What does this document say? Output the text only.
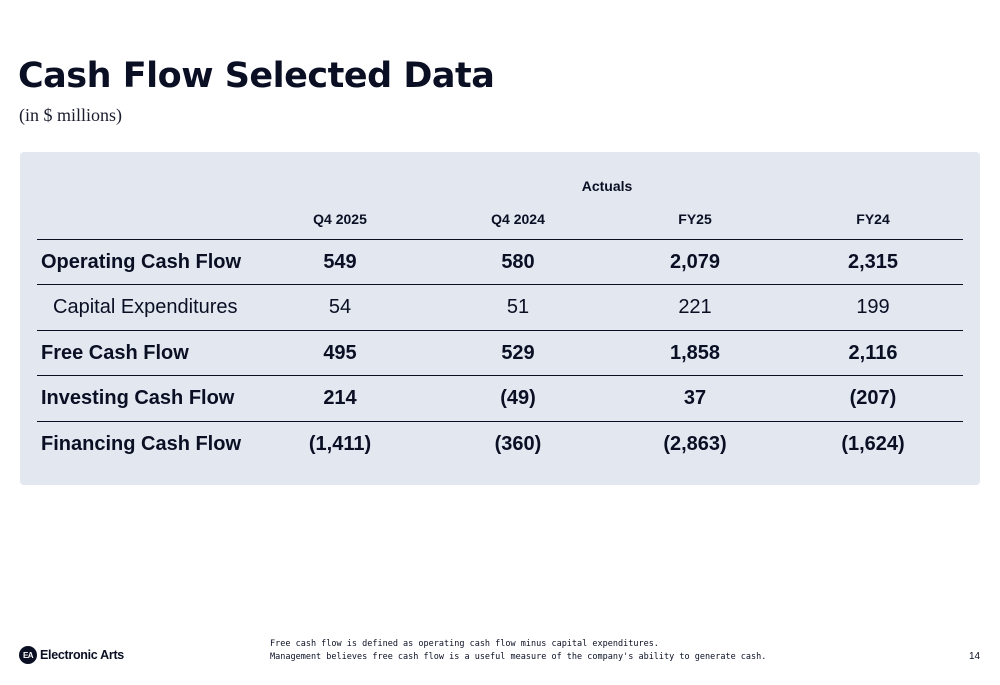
Cash Flow Selected Data
(in $ millions)
Actuals
Q4 2025	Q4 2024	FY25	FY24
Operating Cash Flow	549	580	2,079	2,315
Capital Expenditures	54	51	221	199
Free Cash Flow	495	529	1,858	2,116
Investing Cash Flow	214	(49)	37	(207)
Financing Cash Flow	(1,411)	(360)	(2,863)	(1,624)
EA Electronic Arts
Free cash flow is defined as operating cash flow minus capital expenditures.
Management believes free cash flow is a useful measure of the company's ability to generate cash.	14
